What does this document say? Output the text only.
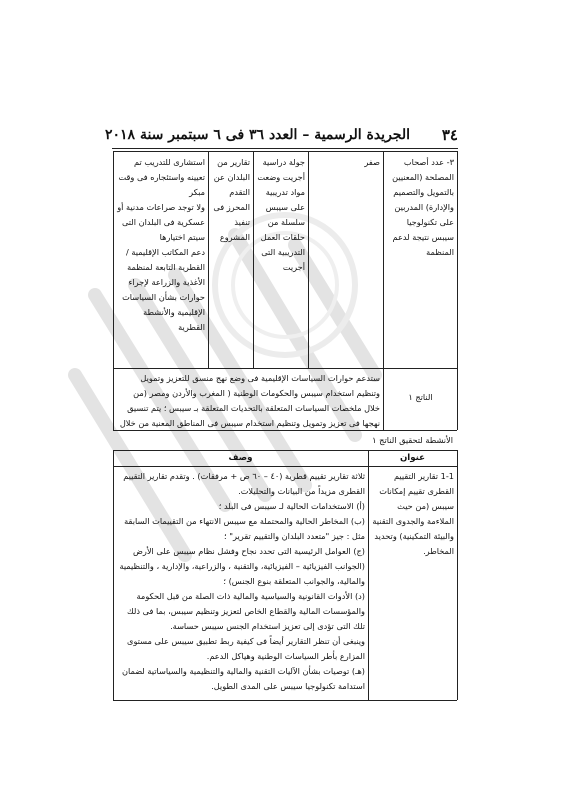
٣٤
الجريدة الرسمية – العدد ٣٦ فى ٦ سبتمبر سنة ٢٠١٨
٣- عدد أصحاب المصلحة (المعنيين بالتمويل والتصميم والإدارة) المدربين على تكنولوجيا سيبس نتيجة لدعم المنظمة
صفر
جولة دراسية أجريت وضعت مواد تدريبية على سيبس سلسلة من حلقات العمل التدريبية التى أجريت
تقارير من البلدان عن التقدم المحرز فى تنفيذ المشروع
استشارى للتدريب تم تعيينه واستئجاره فى وقت مبكر
ولا توجد صراعات مدنية أو عسكرية فى البلدان التى سيتم اختيارها
دعم المكاتب الإقليمية / القطرية التابعة لمنظمة الأغذية والزراعة لإجراء حوارات بشأن السياسات الإقليمية والأنشطة القطرية
الناتج ١
ستدعم حوارات السياسات الإقليمية فى وضع نهج منسق للتعزيز وتمويل وتنظيم استخدام سيبس والحكومات الوطنية ( المغرب والأردن ومصر (من خلال ملخصات السياسات المتعلقة بالتحديات المتعلقة بـ سيبس ؛ يتم تنسيق نهجها فى تعزيز وتمويل وتنظيم استخدام سيبس فى المناطق المعنية من خلال
الأنشطة لتحقيق الناتج ١
عنوان
وصف
1-1 تقارير التقييم القطرى تقييم إمكانات سيبس (من حيث الملاءمة والجدوى التقنية والبيئة التمكينية) وتحديد المخاطر.
ثلاثة تقارير تقييم قطرية (٤٠ – ٦٠ ص + مرفقات) . وتقدم تقارير التقييم القطرى مزيداً من البيانات والتحليلات.
(أ) الاستخدامات الحالية لـ سيبس فى البلد ؛
(ب) المخاطر الحالية والمحتملة مع سيبس الانتهاء من التقييمات السابقة مثل : جيز "متعدد البلدان والتقييم تقرير" ؛
(ج) العوامل الرئيسية التى تحدد نجاح وفشل نظام سيبس على الأرض (الجوانب الفيزيائية – الفيزيائية، والتقنية ، والزراعية، والإدارية ، والتنظيمية والمالية، والجوانب المتعلقة بنوع الجنس) ؛
(د) الأدوات القانونية والسياسية والمالية ذات الصلة من قبل الحكومة والمؤسسات المالية والقطاع الخاص لتعزيز وتنظيم سيبس، بما فى ذلك تلك التى تؤدى إلى تعزيز استخدام الجنس سيبس حساسة.
وينبغى أن تنظر التقارير أيضاً فى كيفية ربط تطبيق سيبس على مستوى المزارع بأطر السياسات الوطنية وهياكل الدعم.
(هـ) توصيات بشأن الآليات التقنية والمالية والتنظيمية والسياساتية لضمان استدامة تكنولوجيا سيبس على المدى الطويل.
